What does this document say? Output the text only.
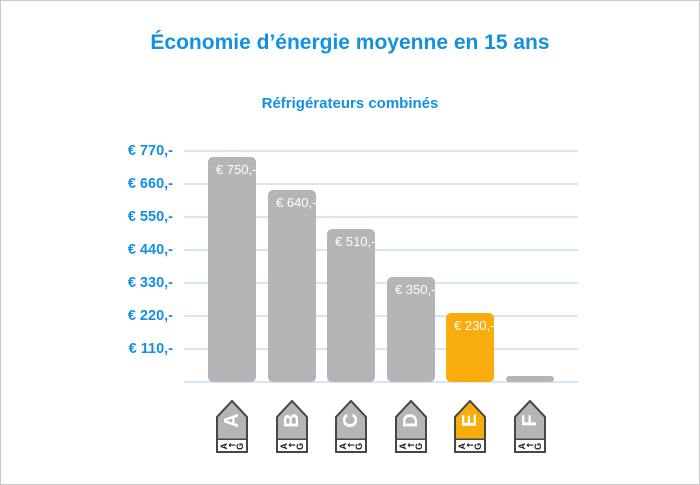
Économie d’énergie moyenne en 15 ans
Réfrigérateurs combinés
€ 770,-
€ 660,-
€ 550,-
€ 440,-
€ 330,-
€ 110,-
€ 220,-
€ 750,-
€ 640,-
€ 510,-
€ 350,-
€ 230,-
A
A ← G
B
A ← G
C
A ← G
D
A ← G
E
A ← G
F
A ← G
